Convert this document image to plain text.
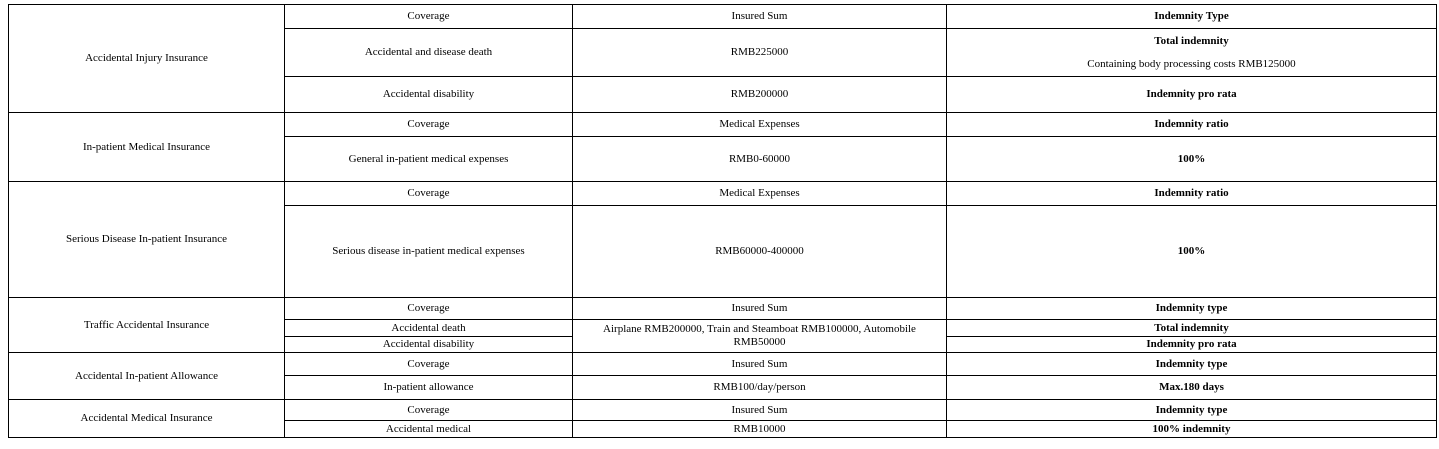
Accidental Injury Insurance	Coverage	Insured Sum	Indemnity Type
	Accidental and disease death	RMB225000	Total indemnity
Containing body processing costs RMB125000

	Accidental disability	RMB200000	Indemnity pro rata
In-patient Medical Insurance	Coverage	Medical Expenses	Indemnity ratio
	General in-patient medical expenses	RMB0-60000	100%
Serious Disease In-patient Insurance	Coverage	Medical Expenses	Indemnity ratio
	Serious disease in-patient medical expenses	RMB60000-400000	100%
Traffic Accidental Insurance	Coverage	Insured Sum	Indemnity type
	Accidental death	Airplane RMB200000, Train and Steamboat RMB100000, Automobile RMB50000	Total indemnity
	Accidental disability		Indemnity pro rata
Accidental In-patient Allowance	Coverage	Insured Sum	Indemnity type
	In-patient allowance	RMB100/day/person	Max.180 days
Accidental Medical Insurance	Coverage	Insured Sum	Indemnity type
	Accidental medical	RMB10000	100% indemnity
